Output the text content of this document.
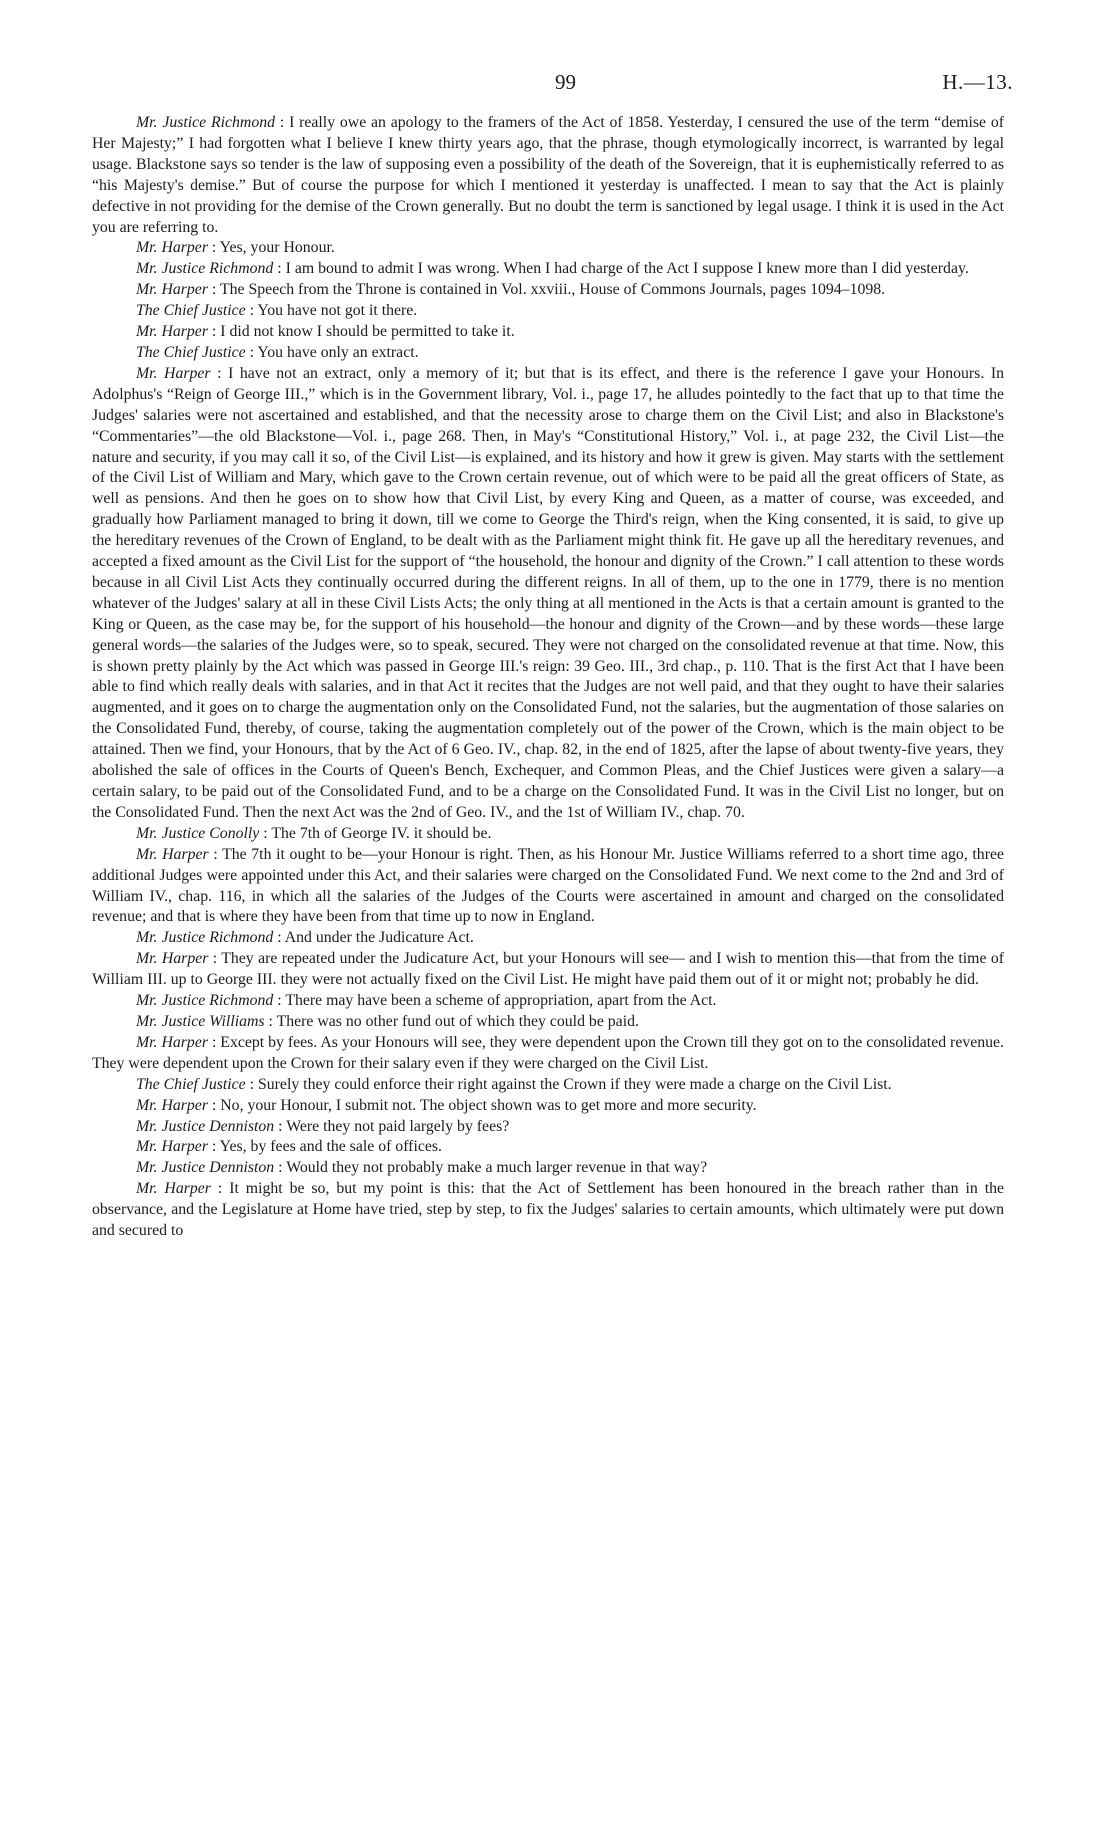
99	H.—13.

Mr. Justice Richmond : I really owe an apology to the framers of the Act of 1858. Yesterday, I censured the use of the term “demise of Her Majesty;” I had forgotten what I believe I knew thirty years ago, that the phrase, though etymologically incorrect, is warranted by legal usage. Blackstone says so tender is the law of supposing even a possibility of the death of the Sovereign, that it is euphemistically referred to as “his Majesty's demise.” But of course the purpose for which I mentioned it yesterday is unaffected. I mean to say that the Act is plainly defective in not providing for the demise of the Crown generally. But no doubt the term is sanctioned by legal usage. I think it is used in the Act you are referring to.

Mr. Harper : Yes, your Honour.

Mr. Justice Richmond : I am bound to admit I was wrong. When I had charge of the Act I suppose I knew more than I did yesterday.

Mr. Harper : The Speech from the Throne is contained in Vol. xxviii., House of Commons Journals, pages 1094–1098.

The Chief Justice : You have not got it there.

Mr. Harper : I did not know I should be permitted to take it.

The Chief Justice : You have only an extract.

Mr. Harper : I have not an extract, only a memory of it; but that is its effect, and there is the reference I gave your Honours. In Adolphus's “Reign of George III.,” which is in the Government library, Vol. i., page 17, he alludes pointedly to the fact that up to that time the Judges' salaries were not ascertained and established, and that the necessity arose to charge them on the Civil List; and also in Blackstone's “Commentaries”—the old Blackstone—Vol. i., page 268. Then, in May's “Constitutional History,” Vol. i., at page 232, the Civil List—the nature and security, if you may call it so, of the Civil List—is explained, and its history and how it grew is given. May starts with the settlement of the Civil List of William and Mary, which gave to the Crown certain revenue, out of which were to be paid all the great officers of State, as well as pensions. And then he goes on to show how that Civil List, by every King and Queen, as a matter of course, was exceeded, and gradually how Parliament managed to bring it down, till we come to George the Third's reign, when the King consented, it is said, to give up the hereditary revenues of the Crown of England, to be dealt with as the Parliament might think fit. He gave up all the hereditary revenues, and accepted a fixed amount as the Civil List for the support of “the household, the honour and dignity of the Crown.” I call attention to these words because in all Civil List Acts they continually occurred during the different reigns. In all of them, up to the one in 1779, there is no mention whatever of the Judges' salary at all in these Civil Lists Acts; the only thing at all mentioned in the Acts is that a certain amount is granted to the King or Queen, as the case may be, for the support of his household—the honour and dignity of the Crown—and by these words—these large general words—the salaries of the Judges were, so to speak, secured. They were not charged on the consolidated revenue at that time. Now, this is shown pretty plainly by the Act which was passed in George III.'s reign: 39 Geo. III., 3rd chap., p. 110. That is the first Act that I have been able to find which really deals with salaries, and in that Act it recites that the Judges are not well paid, and that they ought to have their salaries augmented, and it goes on to charge the augmentation only on the Consolidated Fund, not the salaries, but the augmentation of those salaries on the Consolidated Fund, thereby, of course, taking the augmentation completely out of the power of the Crown, which is the main object to be attained. Then we find, your Honours, that by the Act of 6 Geo. IV., chap. 82, in the end of 1825, after the lapse of about twenty-five years, they abolished the sale of offices in the Courts of Queen's Bench, Exchequer, and Common Pleas, and the Chief Justices were given a salary—a certain salary, to be paid out of the Consolidated Fund, and to be a charge on the Consolidated Fund. It was in the Civil List no longer, but on the Consolidated Fund. Then the next Act was the 2nd of Geo. IV., and the 1st of William IV., chap. 70.

Mr. Justice Conolly : The 7th of George IV. it should be.

Mr. Harper : The 7th it ought to be—your Honour is right. Then, as his Honour Mr. Justice Williams referred to a short time ago, three additional Judges were appointed under this Act, and their salaries were charged on the Consolidated Fund. We next come to the 2nd and 3rd of William IV., chap. 116, in which all the salaries of the Judges of the Courts were ascertained in amount and charged on the consolidated revenue; and that is where they have been from that time up to now in England.

Mr. Justice Richmond : And under the Judicature Act.

Mr. Harper : They are repeated under the Judicature Act, but your Honours will see— and I wish to mention this—that from the time of William III. up to George III. they were not actually fixed on the Civil List. He might have paid them out of it or might not; probably he did.

Mr. Justice Richmond : There may have been a scheme of appropriation, apart from the Act.

Mr. Justice Williams : There was no other fund out of which they could be paid.

Mr. Harper : Except by fees. As your Honours will see, they were dependent upon the Crown till they got on to the consolidated revenue. They were dependent upon the Crown for their salary even if they were charged on the Civil List.

The Chief Justice : Surely they could enforce their right against the Crown if they were made a charge on the Civil List.

Mr. Harper : No, your Honour, I submit not. The object shown was to get more and more security.

Mr. Justice Denniston : Were they not paid largely by fees?

Mr. Harper : Yes, by fees and the sale of offices.

Mr. Justice Denniston : Would they not probably make a much larger revenue in that way?

Mr. Harper : It might be so, but my point is this: that the Act of Settlement has been honoured in the breach rather than in the observance, and the Legislature at Home have tried, step by step, to fix the Judges' salaries to certain amounts, which ultimately were put down and secured to
